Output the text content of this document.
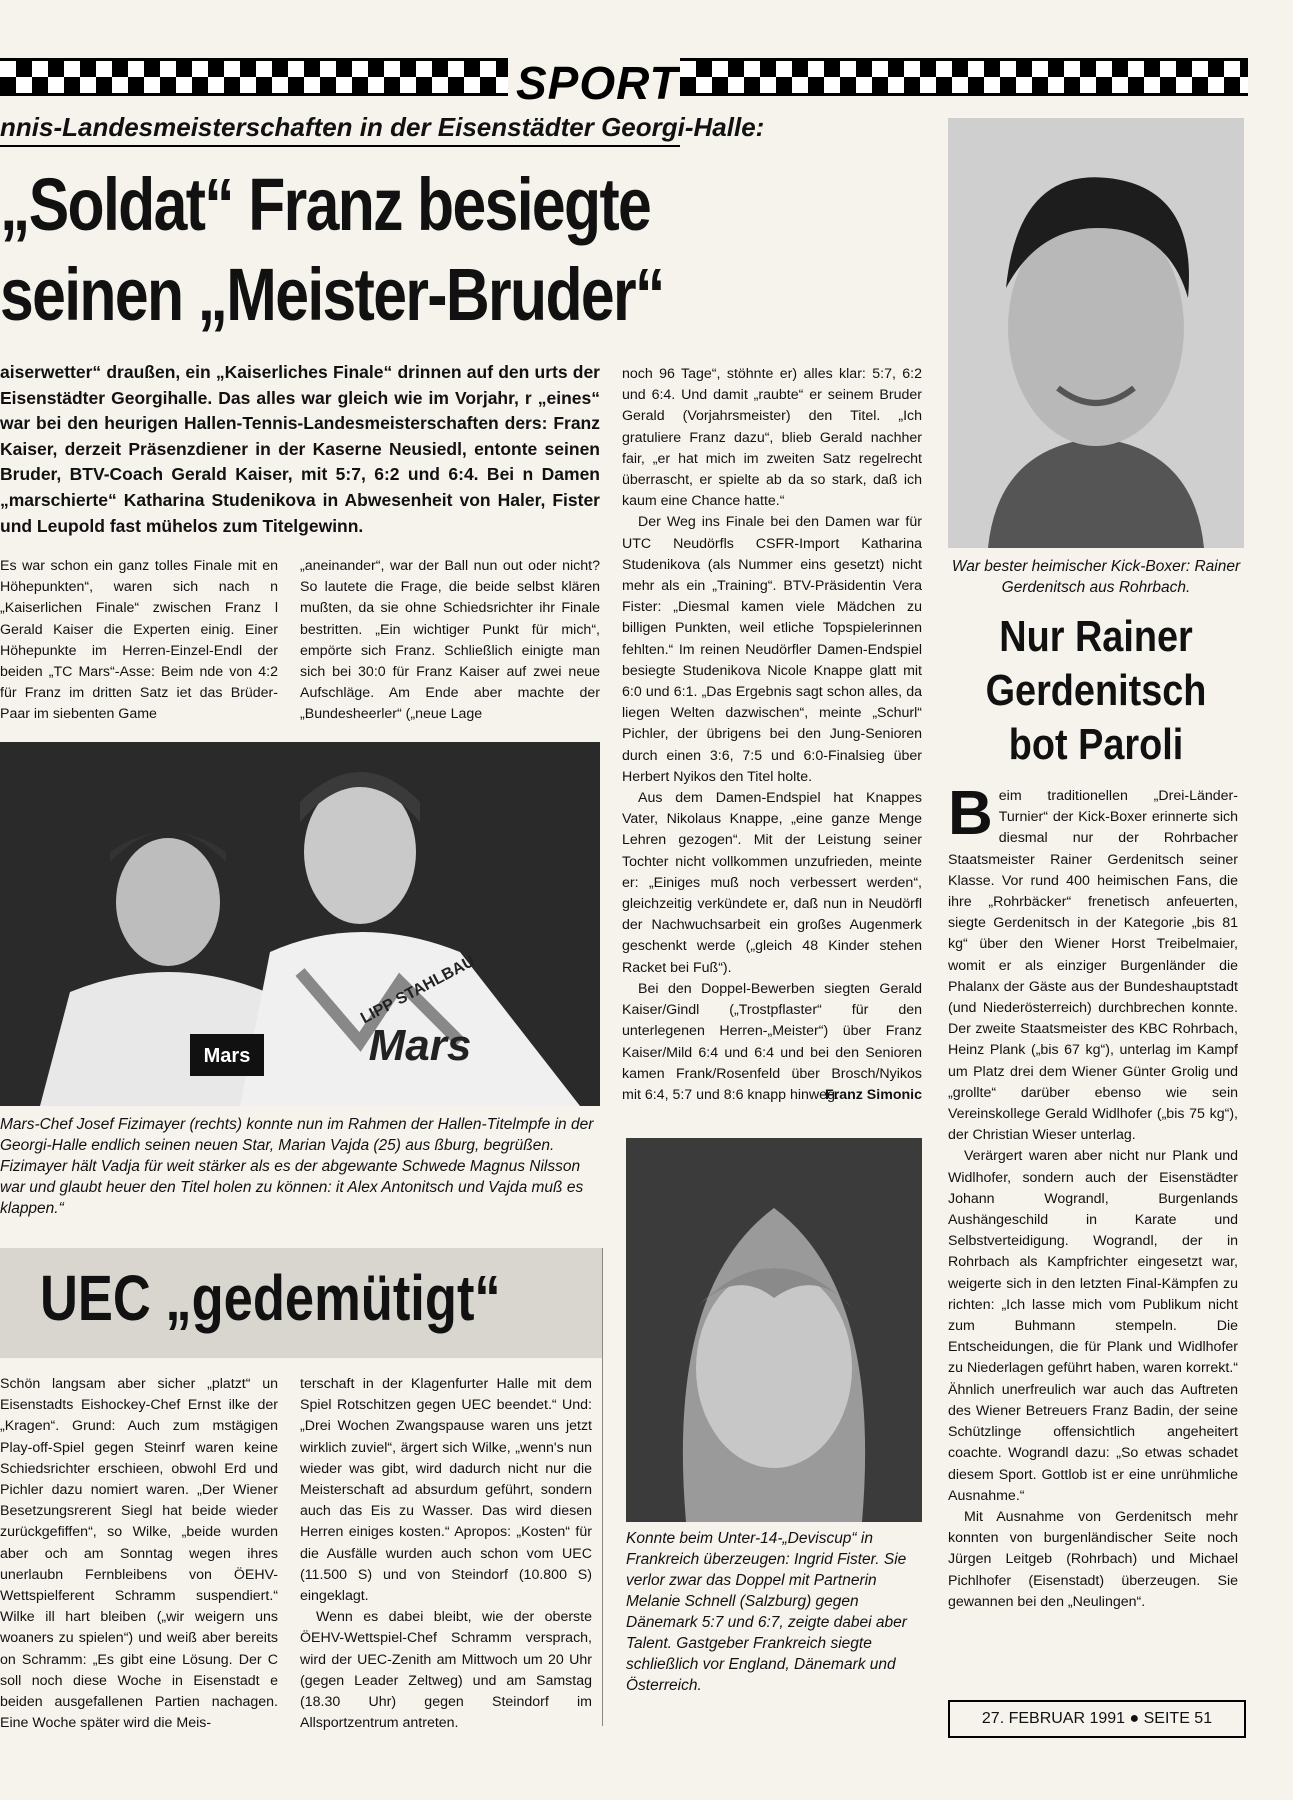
SPORT
nnis-Landesmeisterschaften in der Eisenstädter Georgi-Halle:
„Soldat“ Franz besiegte
seinen „Meister-Bruder“
aiserwetter“ draußen, ein „Kaiserliches Finale“ drinnen auf den urts der Eisenstädter Georgihalle. Das alles war gleich wie im Vorjahr, r „eines“ war bei den heurigen Hallen-Tennis-Landesmeisterschaften ders: Franz Kaiser, derzeit Präsenzdiener in der Kaserne Neusiedl, entonte seinen Bruder, BTV-Coach Gerald Kaiser, mit 5:7, 6:2 und 6:4. Bei n Damen „marschierte“ Katharina Studenikova in Abwesenheit von Haler, Fister und Leupold fast mühelos zum Titelgewinn.

Es war schon ein ganz tolles Finale mit en Höhepunkten“, waren sich nach n „Kaiserlichen Finale“ zwischen Franz l Gerald Kaiser die Experten einig. Einer Höhepunkte im Herren-Einzel-Endl der beiden „TC Mars“-Asse: Beim nde von 4:2 für Franz im dritten Satz iet das Brüder-Paar im siebenten Game

„aneinander“, war der Ball nun out oder nicht? So lautete die Frage, die beide selbst klären mußten, da sie ohne Schiedsrichter ihr Finale bestritten. „Ein wichtiger Punkt für mich“, empörte sich Franz. Schließlich einigte man sich bei 30:0 für Franz Kaiser auf zwei neue Aufschläge. Am Ende aber machte der „Bundesheerler“ („neue Lage

noch 96 Tage“, stöhnte er) alles klar: 5:7, 6:2 und 6:4. Und damit „raubte“ er seinem Bruder Gerald (Vorjahrsmeister) den Titel. „Ich gratuliere Franz dazu“, blieb Gerald nachher fair, „er hat mich im zweiten Satz regelrecht überrascht, er spielte ab da so stark, daß ich kaum eine Chance hatte.“

Der Weg ins Finale bei den Damen war für UTC Neudörfls CSFR-Import Katharina Studenikova (als Nummer eins gesetzt) nicht mehr als ein „Training“. BTV-Präsidentin Vera Fister: „Diesmal kamen viele Mädchen zu billigen Punkten, weil etliche Topspielerinnen fehlten.“ Im reinen Neudörfler Damen-Endspiel besiegte Studenikova Nicole Knappe glatt mit 6:0 und 6:1. „Das Ergebnis sagt schon alles, da liegen Welten dazwischen“, meinte „Schurl“ Pichler, der übrigens bei den Jung-Senioren durch einen 3:6, 7:5 und 6:0-Finalsieg über Herbert Nyikos den Titel holte.

Aus dem Damen-Endspiel hat Knappes Vater, Nikolaus Knappe, „eine ganze Menge Lehren gezogen“. Mit der Leistung seiner Tochter nicht vollkommen unzufrieden, meinte er: „Einiges muß noch verbessert werden“, gleichzeitig verkündete er, daß nun in Neudörfl der Nachwuchsarbeit ein großes Augenmerk geschenkt werde („gleich 48 Kinder stehen Racket bei Fuß“).

Bei den Doppel-Bewerben siegten Gerald Kaiser/Gindl („Trostpflaster“ für den unterlegenen Herren-„Meister“) über Franz Kaiser/Mild 6:4 und 6:4 und bei den Senioren kamen Frank/Rosenfeld über Brosch/Nyikos mit 6:4, 5:7 und 8:6 knapp hinweg.

Franz Simonic
Mars	Mars
LIPP STAHLBAU
Mars-Chef Josef Fizimayer (rechts) konnte nun im Rahmen der Hallen-Titelmpfe in der Georgi-Halle endlich seinen neuen Star, Marian Vajda (25) aus ßburg, begrüßen. Fizimayer hält Vadja für weit stärker als es der abgewante Schwede Magnus Nilsson war und glaubt heuer den Titel holen zu können: it Alex Antonitsch und Vajda muß es klappen.“
UEC „gedemütigt“

Schön langsam aber sicher „platzt“ un Eisenstadts Eishockey-Chef Ernst ilke der „Kragen“. Grund: Auch zum mstägigen Play-off-Spiel gegen Steinrf waren keine Schiedsrichter erschieen, obwohl Erd und Pichler dazu nomiert waren. „Der Wiener Besetzungsrerent Siegl hat beide wieder zurückgefiffen“, so Wilke, „beide wurden aber och am Sonntag wegen ihres unerlaubn Fernbleibens von ÖEHV-Wettspielferent Schramm suspendiert.“ Wilke ill hart bleiben („wir weigern uns woaners zu spielen“) und weiß aber bereits on Schramm: „Es gibt eine Lösung. Der C soll noch diese Woche in Eisenstadt e beiden ausgefallenen Partien nachagen. Eine Woche später wird die Meis-

terschaft in der Klagenfurter Halle mit dem Spiel Rotschitzen gegen UEC beendet.“ Und: „Drei Wochen Zwangspause waren uns jetzt wirklich zuviel“, ärgert sich Wilke, „wenn's nun wieder was gibt, wird dadurch nicht nur die Meisterschaft ad absurdum geführt, sondern auch das Eis zu Wasser. Das wird diesen Herren einiges kosten.“ Apropos: „Kosten“ für die Ausfälle wurden auch schon vom UEC (11.500 S) und von Steindorf (10.800 S) eingeklagt.

Wenn es dabei bleibt, wie der oberste ÖEHV-Wettspiel-Chef Schramm versprach, wird der UEC-Zenith am Mittwoch um 20 Uhr (gegen Leader Zeltweg) und am Samstag (18.30 Uhr) gegen Steindorf im Allsportzentrum antreten.

Konnte beim Unter-14-„Deviscup“ in Frankreich überzeugen: Ingrid Fister. Sie verlor zwar das Doppel mit Partnerin Melanie Schnell (Salzburg) gegen Dänemark 5:7 und 6:7, zeigte dabei aber Talent. Gastgeber Frankreich siegte schließlich vor England, Dänemark und Österreich.
War bester heimischer Kick-Boxer: Rainer Gerdenitsch aus Rohrbach.
Nur Rainer Gerdenitsch bot Paroli

Beim traditionellen „Drei-Länder-Turnier“ der Kick-Boxer erinnerte sich diesmal nur der Rohrbacher Staatsmeister Rainer Gerdenitsch seiner Klasse. Vor rund 400 heimischen Fans, die ihre „Rohrbäcker“ frenetisch anfeuerten, siegte Gerdenitsch in der Kategorie „bis 81 kg“ über den Wiener Horst Treibelmaier, womit er als einziger Burgenländer die Phalanx der Gäste aus der Bundeshauptstadt (und Niederösterreich) durchbrechen konnte. Der zweite Staatsmeister des KBC Rohrbach, Heinz Plank („bis 67 kg“), unterlag im Kampf um Platz drei dem Wiener Günter Grolig und „grollte“ darüber ebenso wie sein Vereinskollege Gerald Widlhofer („bis 75 kg“), der Christian Wieser unterlag.

Verärgert waren aber nicht nur Plank und Widlhofer, sondern auch der Eisenstädter Johann Wograndl, Burgenlands Aushängeschild in Karate und Selbstverteidigung. Wograndl, der in Rohrbach als Kampfrichter eingesetzt war, weigerte sich in den letzten Final-Kämpfen zu richten: „Ich lasse mich vom Publikum nicht zum Buhmann stempeln. Die Entscheidungen, die für Plank und Widlhofer zu Niederlagen geführt haben, waren korrekt.“ Ähnlich unerfreulich war auch das Auftreten des Wiener Betreuers Franz Badin, der seine Schützlinge offensichtlich angeheitert coachte. Wograndl dazu: „So etwas schadet diesem Sport. Gottlob ist er eine unrühmliche Ausnahme.“

Mit Ausnahme von Gerdenitsch mehr konnten von burgenländischer Seite noch Jürgen Leitgeb (Rohrbach) und Michael Pichlhofer (Eisenstadt) überzeugen. Sie gewannen bei den „Neulingen“.

27. FEBRUAR 1991 ● SEITE 51
